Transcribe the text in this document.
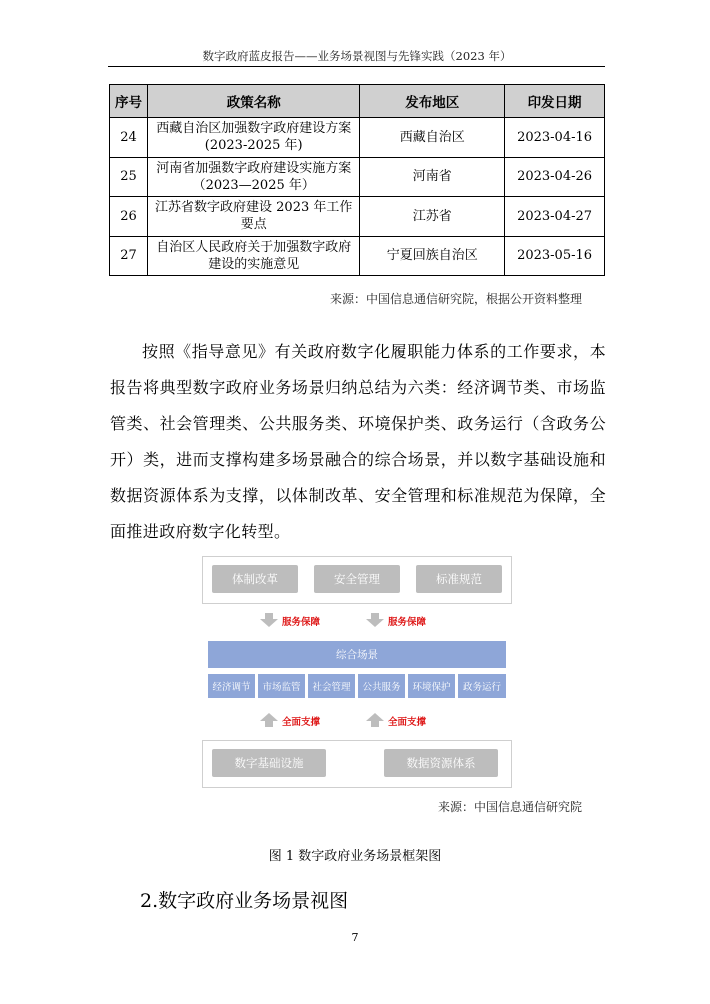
数字政府蓝皮报告——业务场景视图与先锋实践（2023 年）
序号	政策名称	发布地区	印发日期
24	西藏自治区加强数字政府建设方案(2023-2025 年)	西藏自治区	2023-04-16
25	河南省加强数字政府建设实施方案（2023—2025 年）	河南省	2023-04-26
26	江苏省数字政府建设 2023 年工作要点	江苏省	2023-04-27
27	自治区人民政府关于加强数字政府建设的实施意见	宁夏回族自治区	2023-05-16
来源：中国信息通信研究院，根据公开资料整理

按照《指导意见》有关政府数字化履职能力体系的工作要求，本报告将典型数字政府业务场景归纳总结为六类：经济调节类、市场监管类、社会管理类、公共服务类、环境保护类、政务运行（含政务公开）类，进而支撑构建多场景融合的综合场景，并以数字基础设施和数据资源体系为支撑，以体制改革、安全管理和标准规范为保障，全面推进政府数字化转型。

体制改革	安全管理	标准规范
服务保障	服务保障
综合场景
经济调节	市场监管	社会管理	公共服务	环境保护	政务运行
全面支撑	全面支撑
数字基础设施	数据资源体系
来源：中国信息通信研究院
图 1 数字政府业务场景框架图
2.数字政府业务场景视图
7
